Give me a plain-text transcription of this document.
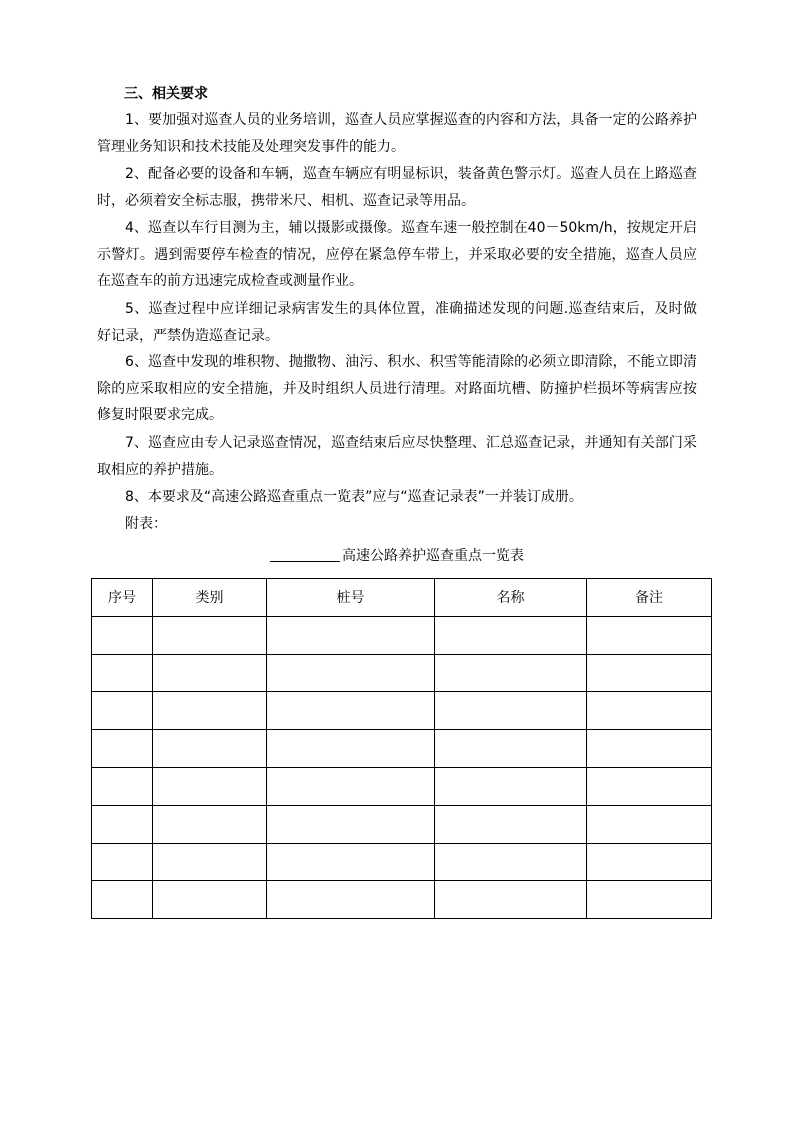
三、相关要求

1、要加强对巡查人员的业务培训，巡查人员应掌握巡查的内容和方法，具备一定的公路养护管理业务知识和技术技能及处理突发事件的能力。

2、配备必要的设备和车辆，巡查车辆应有明显标识，装备黄色警示灯。巡查人员在上路巡查时，必须着安全标志服，携带米尺、相机、巡查记录等用品。

4、巡查以车行目测为主，辅以摄影或摄像。巡查车速一般控制在40－50km/h，按规定开启示警灯。遇到需要停车检查的情况，应停在紧急停车带上，并采取必要的安全措施，巡查人员应在巡查车的前方迅速完成检查或测量作业。

5、巡查过程中应详细记录病害发生的具体位置，准确描述发现的问题.巡查结束后，及时做好记录，严禁伪造巡查记录。

6、巡查中发现的堆积物、抛撒物、油污、积水、积雪等能清除的必须立即清除，不能立即清除的应采取相应的安全措施，并及时组织人员进行清理。对路面坑槽、防撞护栏损坏等病害应按修复时限要求完成。

7、巡查应由专人记录巡查情况，巡查结束后应尽快整理、汇总巡查记录，并通知有关部门采取相应的养护措施。

8、本要求及“高速公路巡查重点一览表”应与“巡查记录表”一并装订成册。

附表：

高速公路养护巡查重点一览表
序号	类别	桩号	名称	备注
